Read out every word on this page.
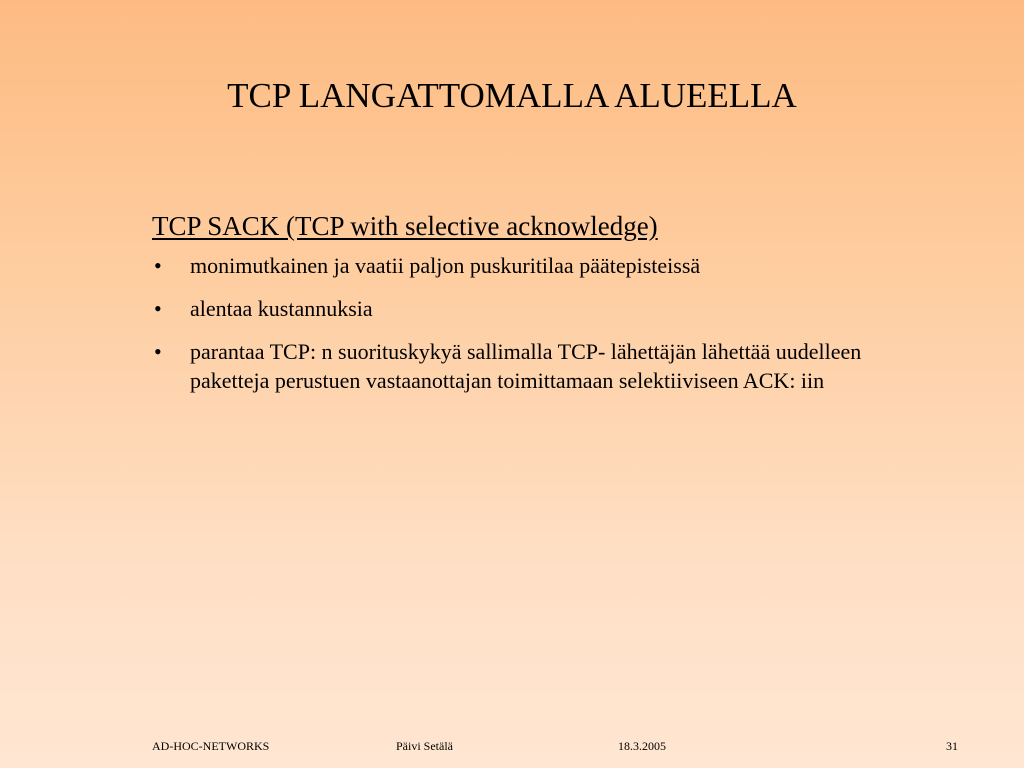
TCP LANGATTOMALLA ALUEELLA
TCP SACK (TCP with selective acknowledge)
• monimutkainen ja vaatii paljon puskuritilaa päätepisteissä
• alentaa kustannuksia
• parantaa TCP: n suorituskykyä sallimalla TCP- lähettäjän lähettää uudelleen paketteja perustuen vastaanottajan toimittamaan selektiiviseen ACK: iin
AD-HOC-NETWORKS	Päivi Setälä	18.3.2005	31
